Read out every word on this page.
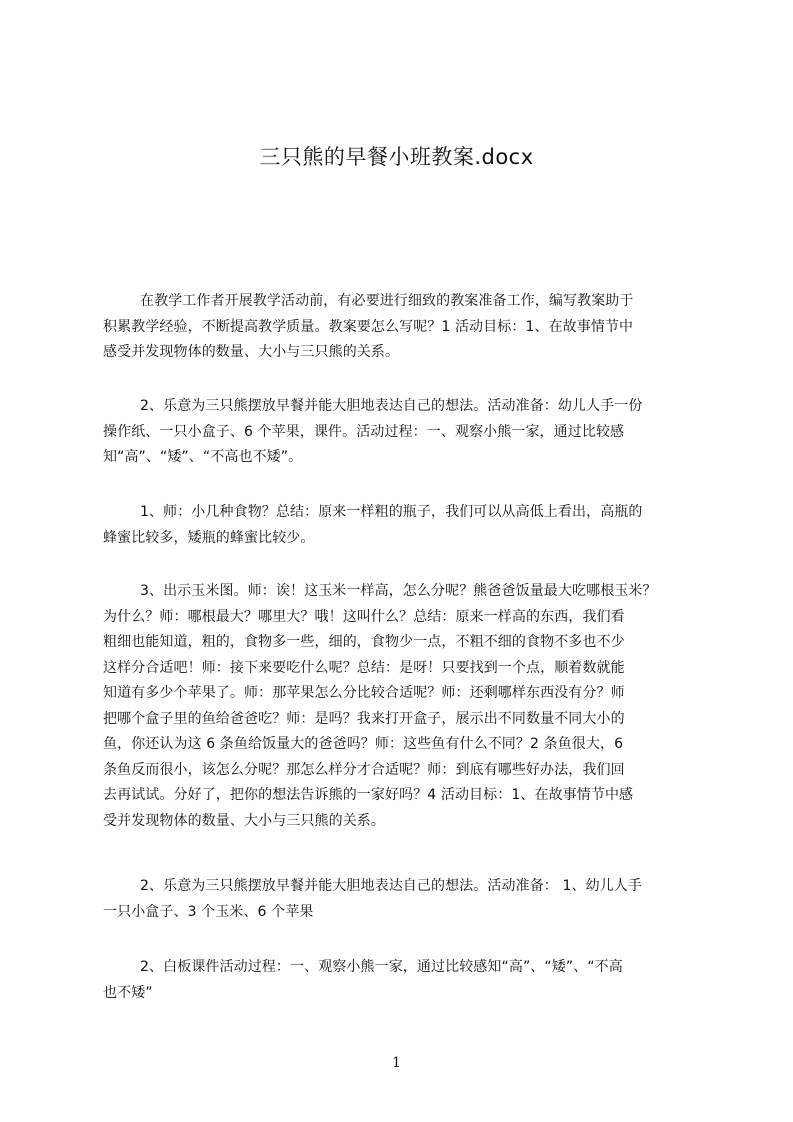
三只熊的早餐小班教案.docx
在教学工作者开展教学活动前，有必要进行细致的教案准备工作，编写教案助于
积累教学经验，不断提高教学质量。教案要怎么写呢？1 活动目标：1、在故事情节中
感受并发现物体的数量、大小与三只熊的关系。
2、乐意为三只熊摆放早餐并能大胆地表达自己的想法。活动准备：幼儿人手一份
操作纸、一只小盒子、6 个苹果，课件。活动过程：一、观察小熊一家，通过比较感
知“高”、“矮”、“不高也不矮”。
1、师：小几种食物？总结：原来一样粗的瓶子，我们可以从高低上看出，高瓶的
蜂蜜比较多，矮瓶的蜂蜜比较少。
3、出示玉米图。师：诶！这玉米一样高，怎么分呢？熊爸爸饭量最大吃哪根玉米？
为什么？师：哪根最大？哪里大？哦！这叫什么？总结：原来一样高的东西，我们看
粗细也能知道，粗的，食物多一些，细的，食物少一点，不粗不细的食物不多也不少
这样分合适吧！师：接下来要吃什么呢？总结：是呀！只要找到一个点，顺着数就能
知道有多少个苹果了。师：那苹果怎么分比较合适呢？师：还剩哪样东西没有分？师
把哪个盒子里的鱼给爸爸吃？师：是吗？我来打开盒子，展示出不同数量不同大小的
鱼，你还认为这 6 条鱼给饭量大的爸爸吗？师：这些鱼有什么不同？2 条鱼很大，6
条鱼反而很小，该怎么分呢？那怎么样分才合适呢？师：到底有哪些好办法，我们回
去再试试。分好了，把你的想法告诉熊的一家好吗？4 活动目标：1、在故事情节中感
受并发现物体的数量、大小与三只熊的关系。
2、乐意为三只熊摆放早餐并能大胆地表达自己的想法。活动准备： 1、幼儿人手
一只小盒子、3 个玉米、6 个苹果
2、白板课件活动过程：一、观察小熊一家，通过比较感知“高”、“矮”、“不高
也不矮”
1
